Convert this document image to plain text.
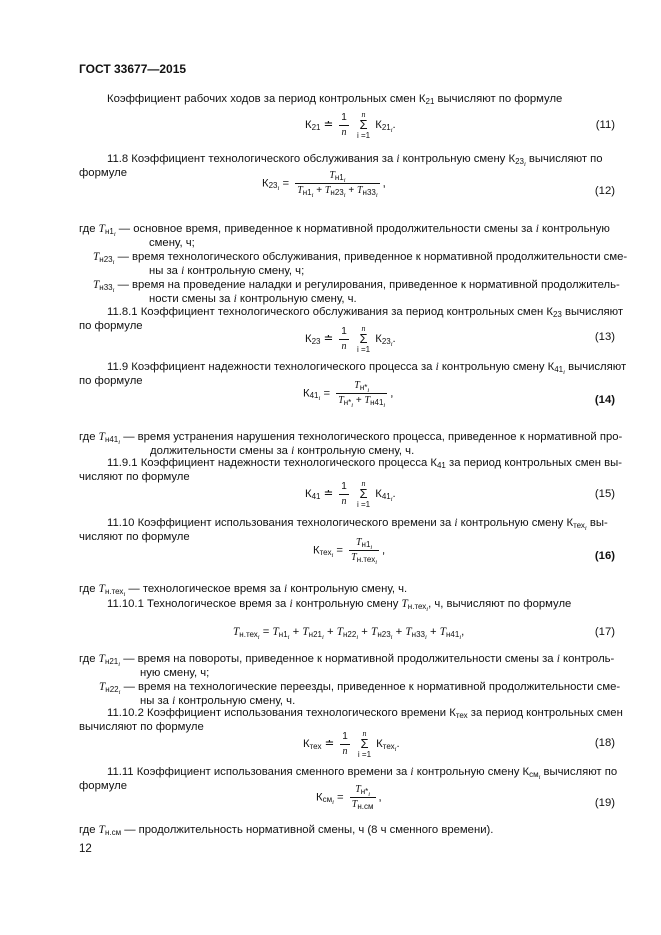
ГОСТ 33677—2015
Коэффициент рабочих ходов за период контрольных смен $К_{21}$ вычисляют по формуле
$К_{21}$ ≐ $\frac{1}{n}$
	n
Σ
i =1
$К_{21_i}$.	(11)
11.8 Коэффициент технологического обслуживания за i контрольную смену $К_{23_i}$ вычисляют по
формуле
$К_{23_i} = \frac{T_{н1_i}}{T_{н1_i} + T_{н23_i} + T_{н33_i}}$ ,
(12)
где $T_{н1_i}$ — основное время, приведенное к нормативной продолжительности смены за i контрольную
смену, ч;
$T_{н23_i}$ — время технологического обслуживания, приведенное к нормативной продолжительности сме-
ны за i контрольную смену, ч;
$T_{н33_i}$ — время на проведение наладки и регулирования, приведенное к нормативной продолжитель-
ности смены за i контрольную смену, ч.
11.8.1 Коэффициент технологического обслуживания за период контрольных смен $К_{23}$ вычисляют
по формуле
$К_{23}$ ≐ $\frac{1}{n}$
	n
Σ
i =1
$К_{23_i}$.	(13)
11.9 Коэффициент надежности технологического процесса за i контрольную смену $К_{41_i}$ вычисляют
по формуле
$К_{41_i} = \frac{T_{н*_i}}{T_{н*_i} + T_{н41_i}}$ ,
(14)
где $T_{н41_i}$ — время устранения нарушения технологического процесса, приведенное к нормативной про-
должительности смены за i контрольную смену, ч.
11.9.1 Коэффициент надежности технологического процесса $К_{41}$ за период контрольных смен вы-
числяют по формуле
$К_{41}$ ≐ $\frac{1}{n}$
	n
Σ
i =1
$К_{41_i}$.	(15)
11.10 Коэффициент использования технологического времени за i контрольную смену $К_{тех_i}$ вы-
числяют по формуле
$К_{тех_i} = \frac{T_{н1_i}}{T_{н.тех_i}}$ ,	(16)
где $T_{н.тех_i}$ — технологическое время за i контрольную смену, ч.
11.10.1 Технологическое время за i контрольную смену $T_{н.тех_i}$, ч, вычисляют по формуле
$T_{н.тех_i} = T_{н1_i} + T_{н21_i} + T_{н22_i} + T_{н23_i} + T_{н33_i} + T_{н41_i}$,	(17)
где $T_{н21_i}$ — время на повороты, приведенное к нормативной продолжительности смены за i контроль-
ную смену, ч;
$T_{н22_i}$ — время на технологические переезды, приведенное к нормативной продолжительности сме-
ны за i контрольную смену, ч.
11.10.2 Коэффициент использования технологического времени $К_{тех}$ за период контрольных смен
вычисляют по формуле
$К_{тех}$ ≐ $\frac{1}{n}$
	n
Σ
i =1
$К_{тех_i}$.	(18)
11.11 Коэффициент использования сменного времени за i контрольную смену $К_{см_i}$ вычисляют по
формуле
$К_{см_i} = \frac{T_{н*_i}}{T_{н.см}}$ ,	(19)
где $T_{н.см}$ — продолжительность нормативной смены, ч (8 ч сменного времени).
12
